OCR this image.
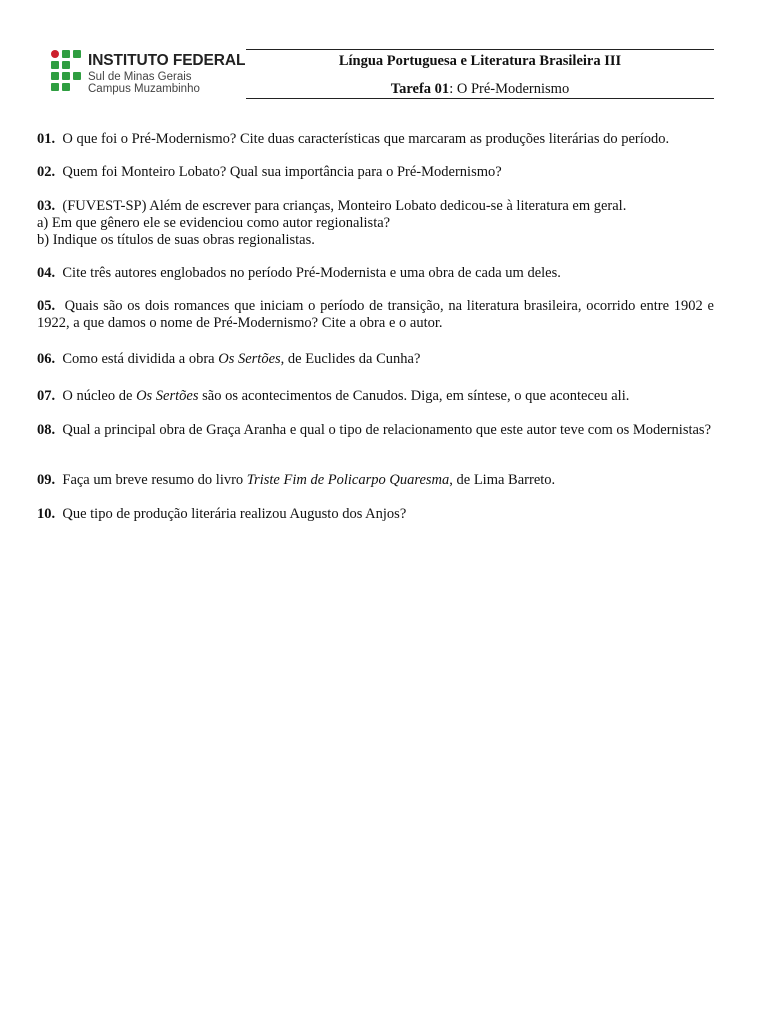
INSTITUTO FEDERAL
Sul de Minas Gerais
Campus Muzambinho
Língua Portuguesa e Literatura Brasileira III
Tarefa 01: O Pré-Modernismo
01. O que foi o Pré-Modernismo? Cite duas características que marcaram as produções literárias do período.
02. Quem foi Monteiro Lobato? Qual sua importância para o Pré-Modernismo?
03. (FUVEST-SP) Além de escrever para crianças, Monteiro Lobato dedicou-se à literatura em geral.
a) Em que gênero ele se evidenciou como autor regionalista?
b) Indique os títulos de suas obras regionalistas.
04. Cite três autores englobados no período Pré-Modernista e uma obra de cada um deles.
05. Quais são os dois romances que iniciam o período de transição, na literatura brasileira, ocorrido entre 1902 e 1922, a que damos o nome de Pré-Modernismo? Cite a obra e o autor.
06. Como está dividida a obra Os Sertões, de Euclides da Cunha?
07. O núcleo de Os Sertões são os acontecimentos de Canudos. Diga, em síntese, o que aconteceu ali.
08. Qual a principal obra de Graça Aranha e qual o tipo de relacionamento que este autor teve com os Modernistas?
09. Faça um breve resumo do livro Triste Fim de Policarpo Quaresma, de Lima Barreto.
10. Que tipo de produção literária realizou Augusto dos Anjos?
